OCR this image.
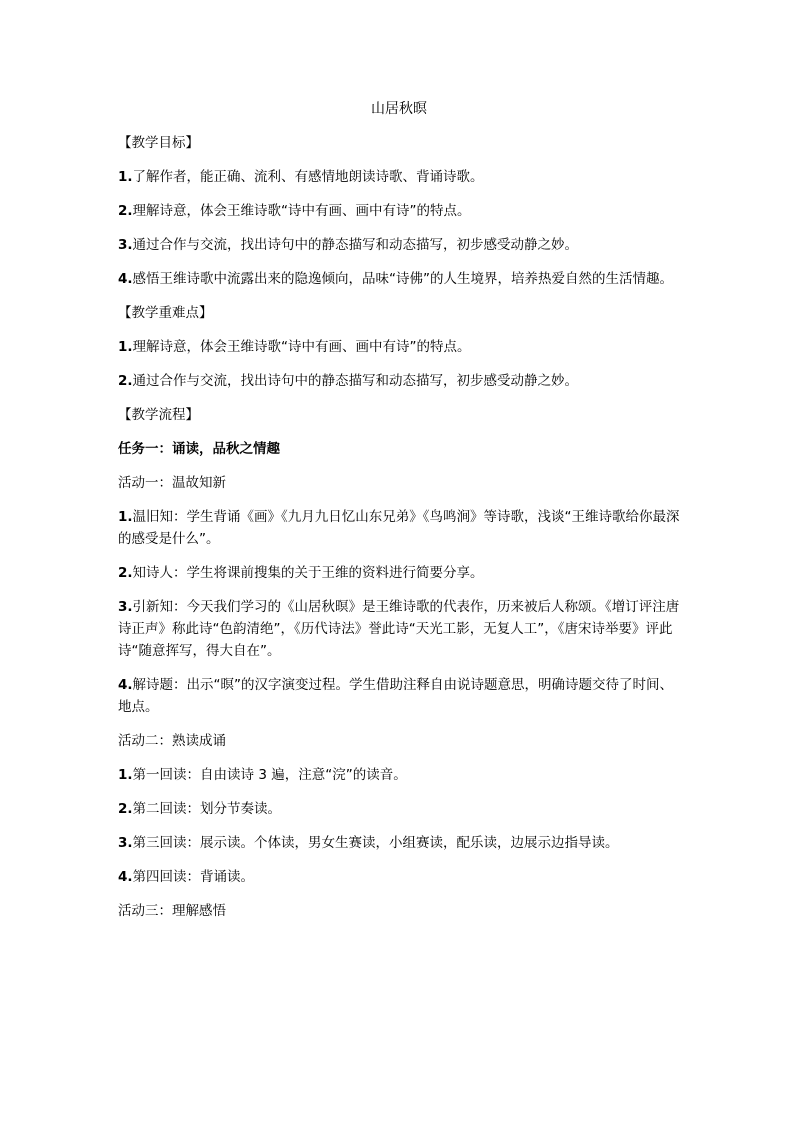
山居秋暝

【教学目标】

1.了解作者，能正确、流利、有感情地朗读诗歌、背诵诗歌。

2.理解诗意，体会王维诗歌“诗中有画、画中有诗”的特点。

3.通过合作与交流，找出诗句中的静态描写和动态描写，初步感受动静之妙。

4.感悟王维诗歌中流露出来的隐逸倾向，品味“诗佛”的人生境界，培养热爱自然的生活情趣。

【教学重难点】

1.理解诗意，体会王维诗歌“诗中有画、画中有诗”的特点。

2.通过合作与交流，找出诗句中的静态描写和动态描写，初步感受动静之妙。

【教学流程】

任务一：诵读，品秋之情趣

活动一：温故知新

1.温旧知：学生背诵《画》《九月九日忆山东兄弟》《鸟鸣涧》等诗歌，浅谈“王维诗歌给你最深的感受是什么”。

2.知诗人：学生将课前搜集的关于王维的资料进行简要分享。

3.引新知：今天我们学习的《山居秋暝》是王维诗歌的代表作，历来被后人称颂。《增订评注唐诗正声》称此诗“色韵清绝”，《历代诗法》誉此诗“天光工影，无复人工”，《唐宋诗举要》评此诗“随意挥写，得大自在”。

4.解诗题：出示“暝”的汉字演变过程。学生借助注释自由说诗题意思，明确诗题交待了时间、地点。

活动二：熟读成诵

1.第一回读：自由读诗 3 遍，注意“浣”的读音。

2.第二回读：划分节奏读。

3.第三回读：展示读。个体读，男女生赛读，小组赛读，配乐读，边展示边指导读。

4.第四回读：背诵读。

活动三：理解感悟
